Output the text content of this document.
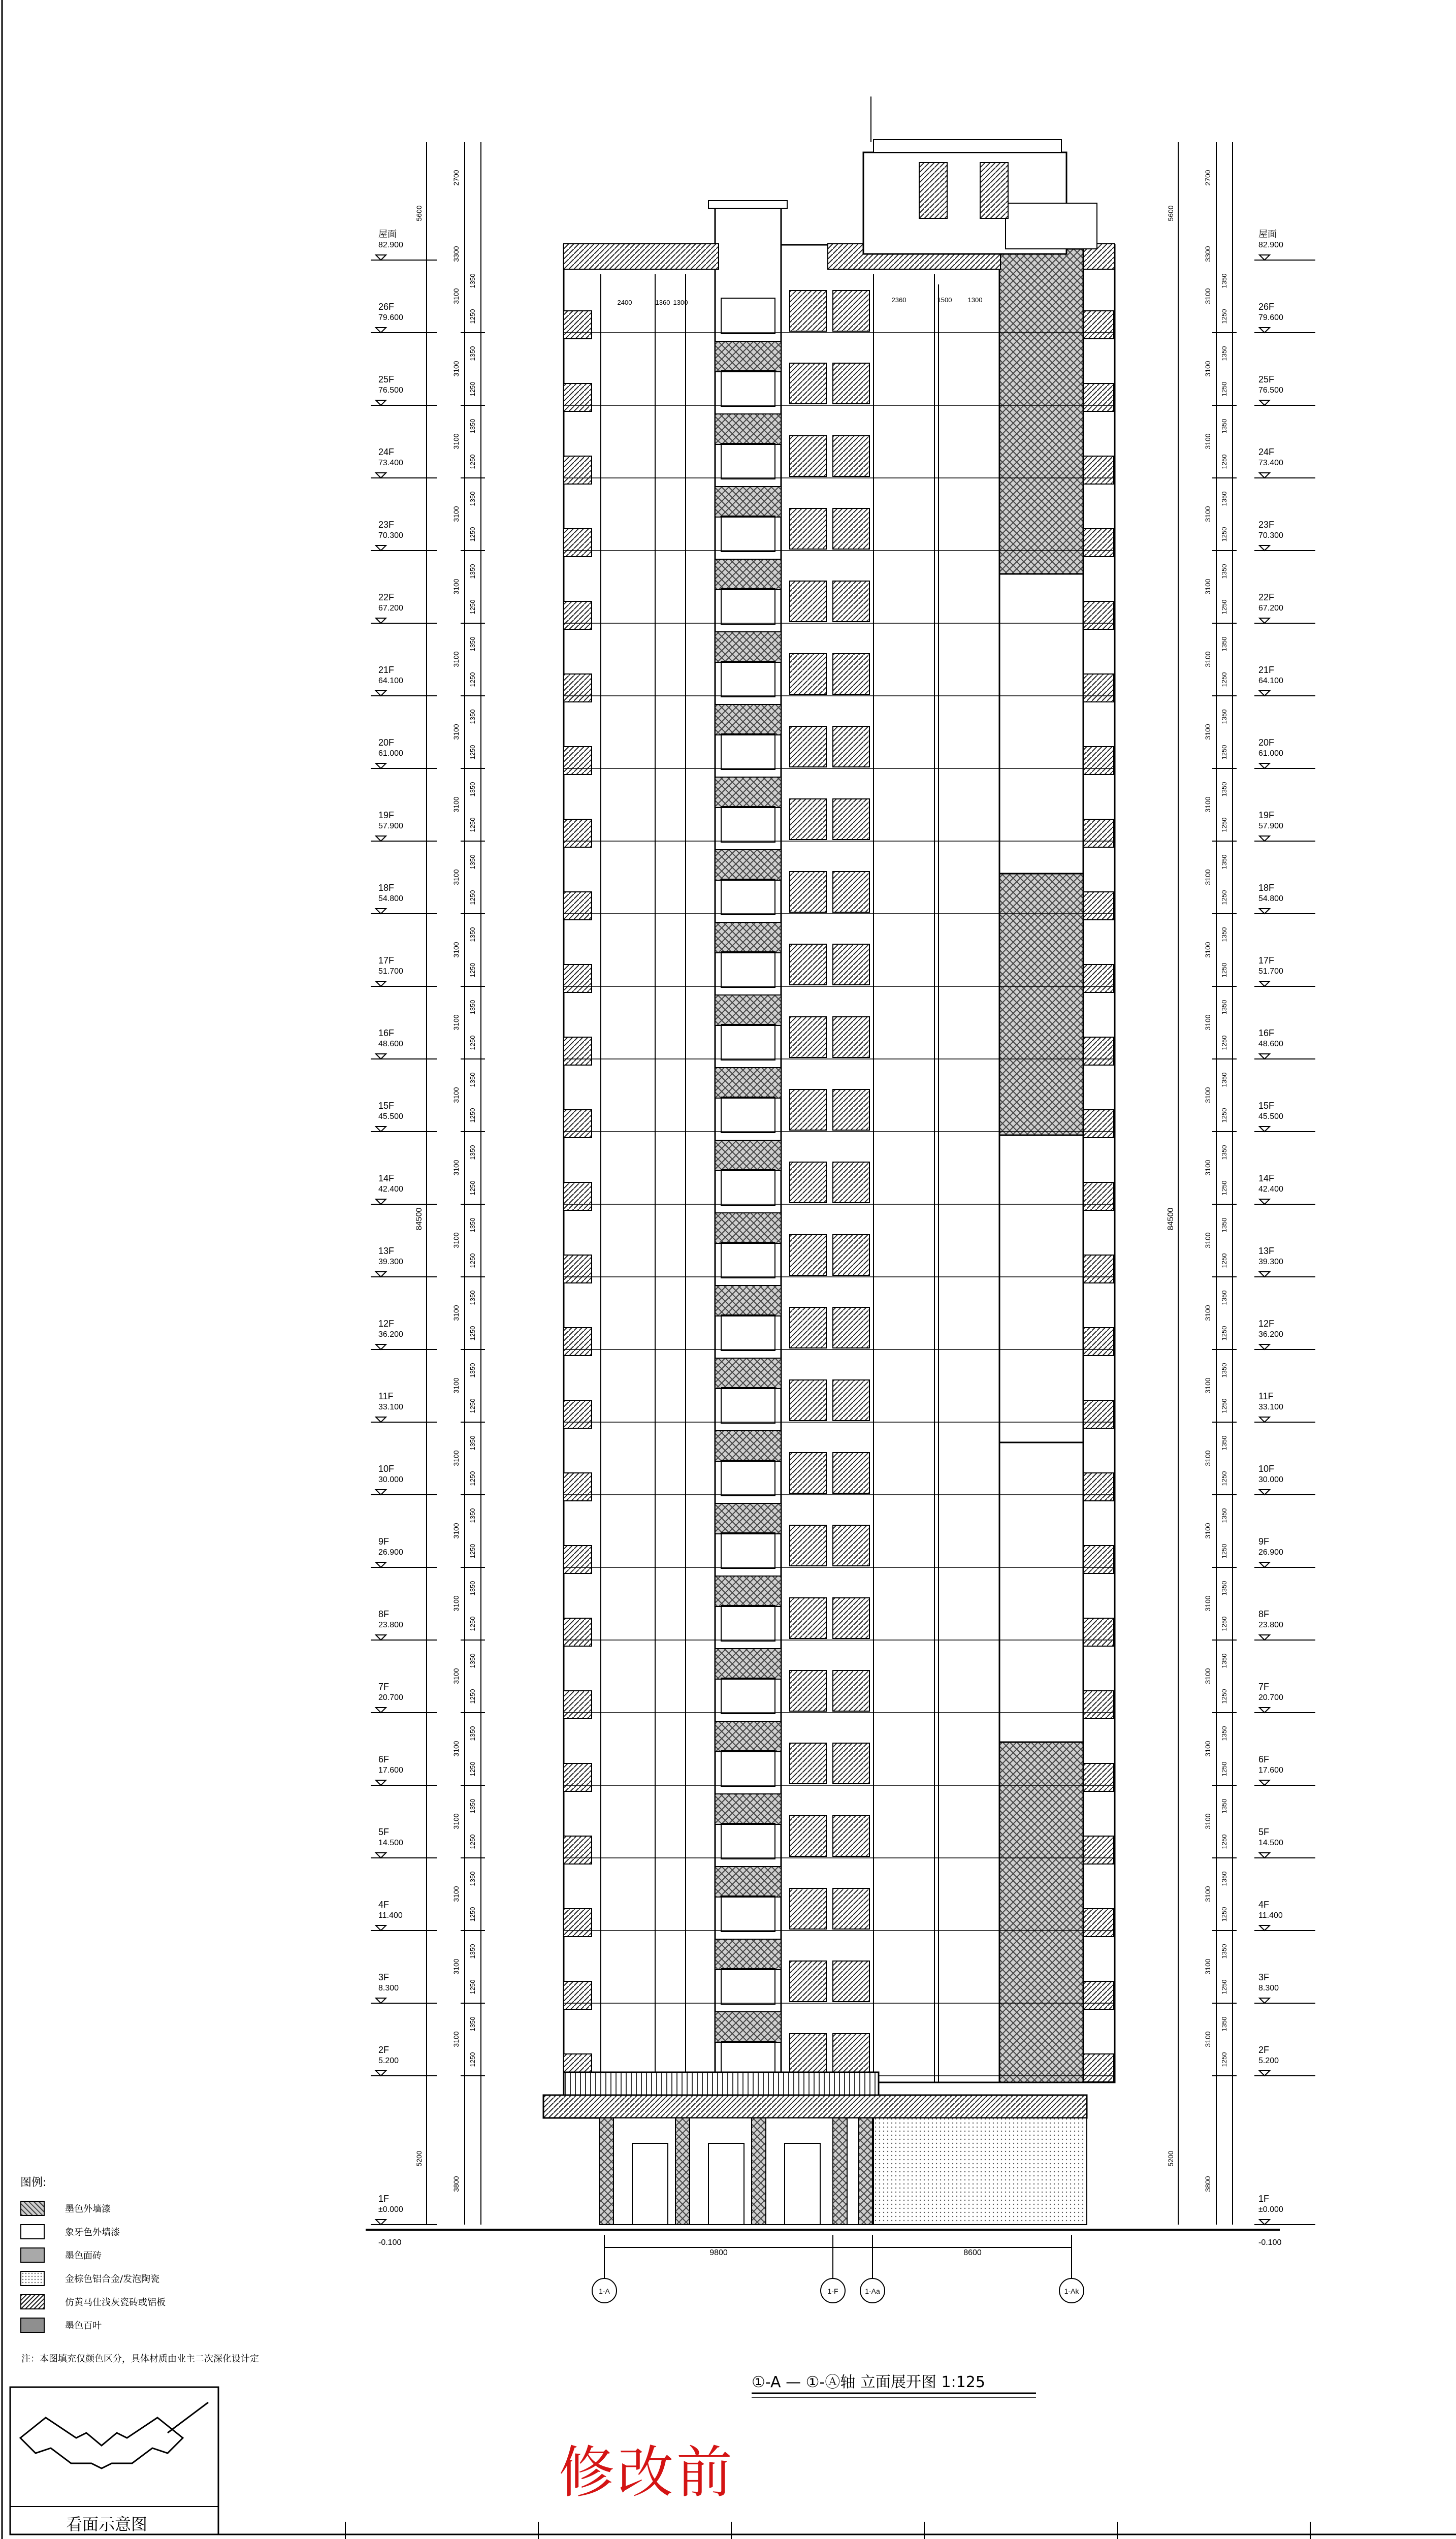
2400	1360 1300	2360	1500 1300
2700
5600
84500
3300
3100
1350
1250
3100
1350
1250
3100
1350
1250
3100
1350
1250
3100
1350
1250
3100
1350
1250
3100
1350
1250
3100
1350
1250
3100
1350
1250
3100
1350
1250
3100
1350
1250
3100
1350
1250
3100
1350
1250
3100
1350
1250
3100
1350
1250
3100
1350
1250
3100
1350
1250
3100
1350
1250
3100
1350
1250
3100
1350
1250
3100
1350
1250
3100
1350
1250
3100
1350
1250
3100
1350
1250
3100
1350
1250
5200
3800
屋面
82.900
26F
79.600
25F
76.500
24F
73.400
23F
70.300
22F
67.200
21F
64.100
20F
61.000
19F
57.900
18F
54.800
17F
51.700
16F
48.600
15F
45.500
14F
42.400
13F
39.300
12F
36.200
11F
33.100
10F
30.000
9F
26.900
8F
23.800
7F
20.700
6F
17.600
5F
14.500
4F
11.400
3F
8.300
2F
5.200
1F
±0.000
-0.100
2700
5600
84500
3300
3100
1350
1250
3100
1350
1250
3100
1350
1250
3100
1350
1250
3100
1350
1250
3100
1350
1250
3100
1350
1250
3100
1350
1250
3100
1350
1250
3100
1350
1250
3100
1350
1250
3100
1350
1250
3100
1350
1250
3100
1350
1250
3100
1350
1250
3100
1350
1250
3100
1350
1250
3100
1350
1250
3100
1350
1250
3100
1350
1250
3100
1350
1250
3100
1350
1250
3100
1350
1250
3100
1350
1250
3100
1350
1250
5200
3800
屋面
82.900
26F
79.600
25F
76.500
24F
73.400
23F
70.300
22F
67.200
21F
64.100
20F
61.000
19F
57.900
18F
54.800
17F
51.700
16F
48.600
15F
45.500
14F
42.400
13F
39.300
12F
36.200
11F
33.100
10F
30.000
9F
26.900
8F
23.800
7F
20.700
6F
17.600
5F
14.500
4F
11.400
3F
8.300
2F
5.200
1F
±0.000
-0.100
1-A	1-F	1-Aa	1-Ak
9800	8600
图例:
墨色外墙漆
象牙色外墙漆
墨色面砖
金棕色铝合金/发泡陶瓷
仿黄马仕浅灰瓷砖或铝板
墨色百叶
注：本图填充仅颜色区分，具体材质由业主二次深化设计定
①-A — ①-Ⓐ轴 立面展开图 1:125
修改前
看面示意图
